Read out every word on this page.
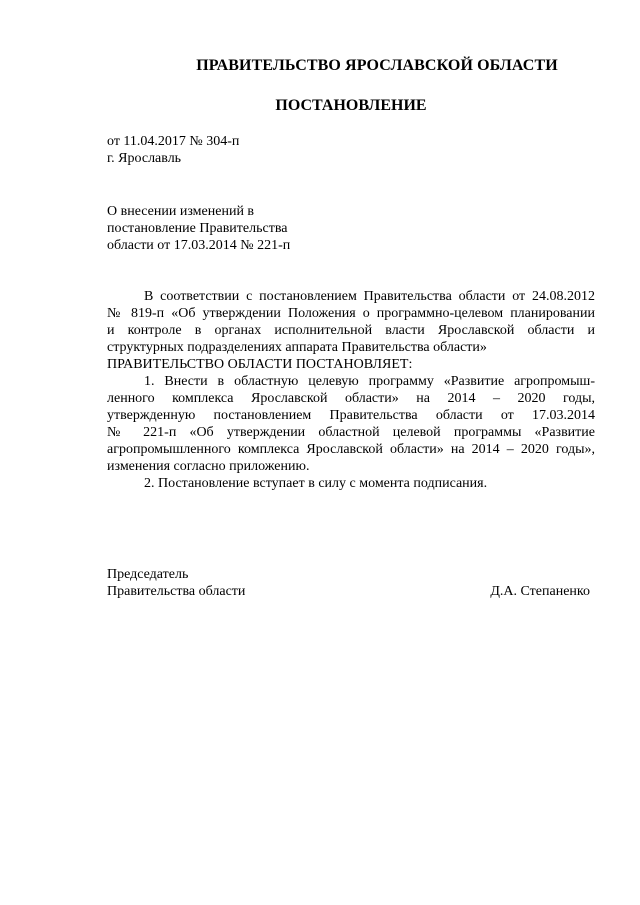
ПРАВИТЕЛЬСТВО ЯРОСЛАВСКОЙ ОБЛАСТИ
ПОСТАНОВЛЕНИЕ
от 11.04.2017 № 304-п
г. Ярославль
О внесении изменений в
постановление Правительства
области от 17.03.2014 № 221-п
В соответствии с постановлением Правительства области от 24.08.2012
№ 819-п «Об утверждении Положения о программно-целевом планировании
и контроле в органах исполнительной власти Ярославской области и
структурных подразделениях аппарата Правительства области»
ПРАВИТЕЛЬСТВО ОБЛАСТИ ПОСТАНОВЛЯЕТ:
1. Внести в областную целевую программу «Развитие агропромыш-
ленного комплекса Ярославской области» на 2014 – 2020 годы,
утвержденную постановлением Правительства области от 17.03.2014
№ 221-п «Об утверждении областной целевой программы «Развитие
агропромышленного комплекса Ярославской области» на 2014 – 2020 годы»,
изменения согласно приложению.
2. Постановление вступает в силу с момента подписания.
Председатель
Правительства области	Д.А. Степаненко
